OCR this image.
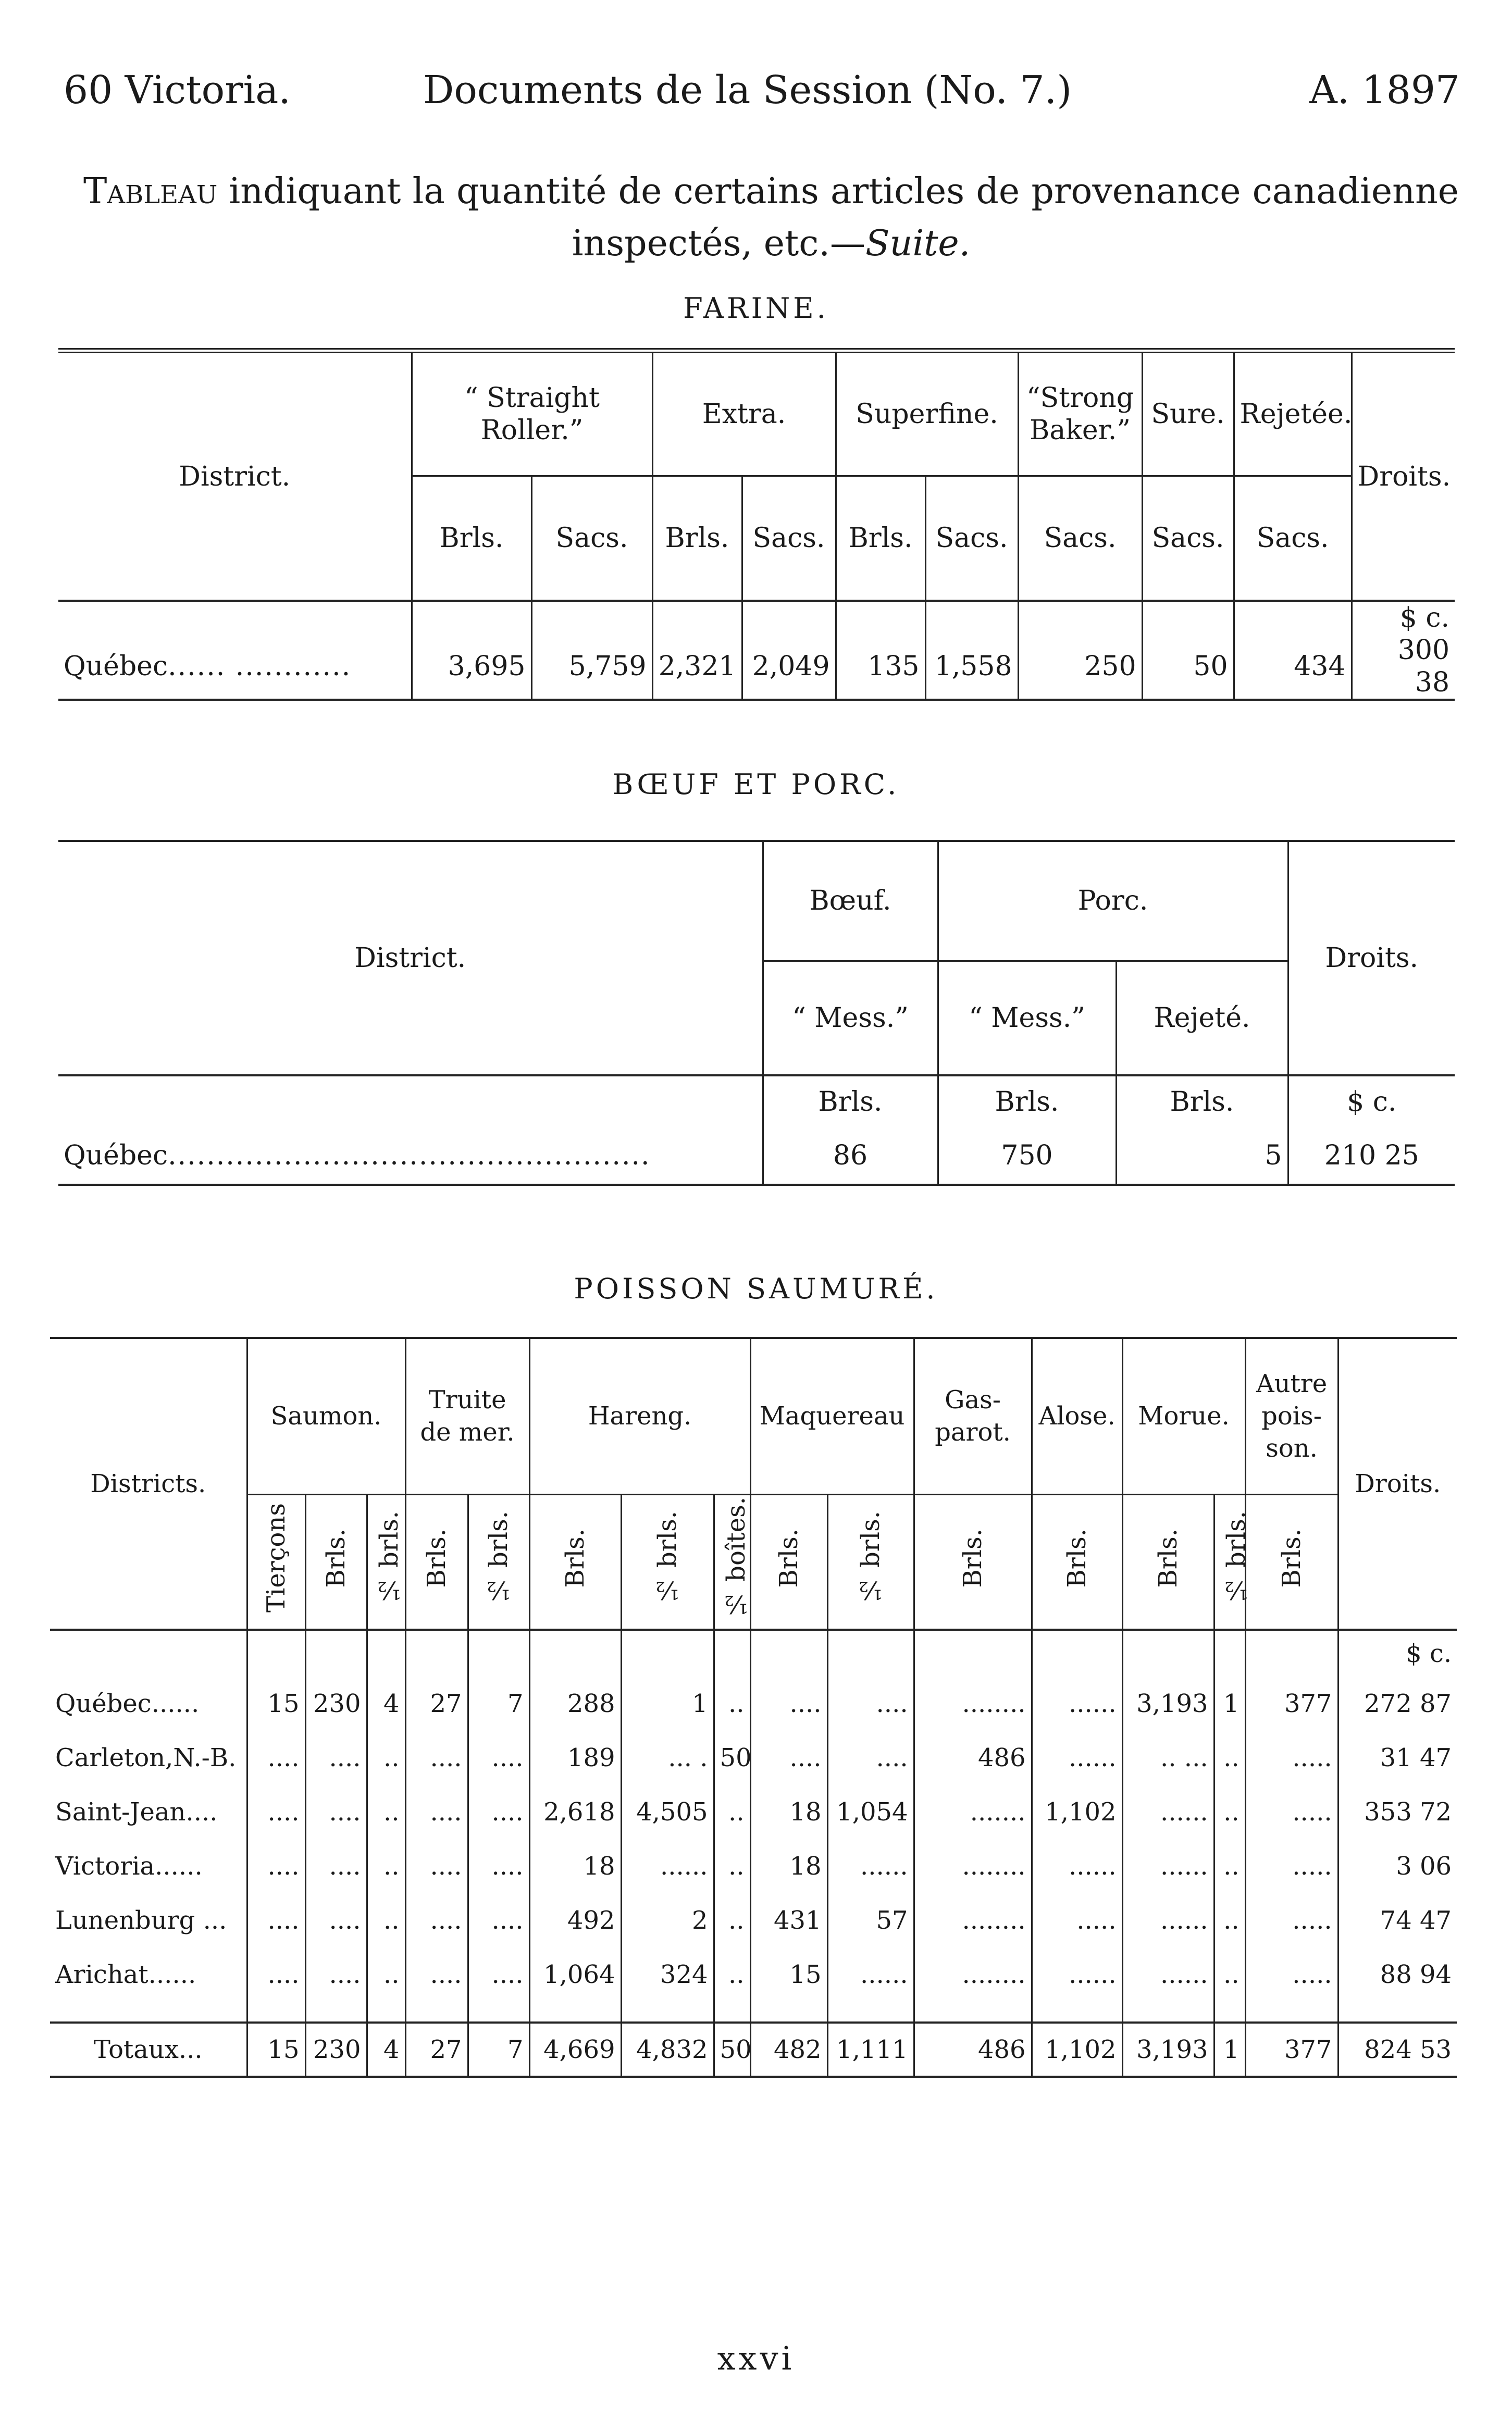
60 Victoria.	Documents de la Session (No. 7.)	A. 1897
Tableau indiquant la quantité de certains articles de provenance canadienne
inspectés, etc.—Suite.
FARINE.
District.	“ Straight Roller.”		Extra.		Superfine.		“Strong Baker.”	Sure.	Rejetée.	Droits.
	Brls.	Sacs.	Brls.	Sacs.	Brls.	Sacs.	Sacs.	Sacs.	Sacs.	
										$ c.
Québec...... ............	3,695	5,759	2,321	2,049	135	1,558	250	50	434	300 38
BŒUF ET PORC.
District.	Bœuf.	Porc.		Droits.
	“ Mess.”	“ Mess.”	Rejeté.	
	Brls.	Brls.	Brls.	$ c.
Québec..................................................	86	750	5	210 25
POISSON SAUMURÉ.
Districts.	Saumon.			Truite de mer.		Hareng.			Maquereau		Gas-parot.	Alose.	Morue.		Autre pois-son.	Droits.
	Tierçons	Brls.	½ brls.	Brls.	½ brls.	Brls.	½ brls.	½ boîtes.	Brls.	½ brls.	Brls.	Brls.	Brls.	½ brls.	Brls.	
																$ c.
Québec......	15	230	4	27	7	288	1	..	....	....	........	......	3,193	1	377	272 87
Carleton,N.-B.	....	....	..	....	....	189	... .	50	....	....	486	......	.. ...	..	.....	31 47
Saint-Jean....	....	....	..	....	....	2,618	4,505	..	18	1,054	.......	1,102	......	..	.....	353 72
Victoria......	....	....	..	....	....	18	......	..	18	......	........	......	......	..	.....	3 06
Lunenburg ...	....	....	..	....	....	492	2	..	431	57	........	.....	......	..	.....	74 47
Arichat......	....	....	..	....	....	1,064	324	..	15	......	........	......	......	..	.....	88 94

Totaux...	15	230	4	27	7	4,669	4,832	50	482	1,111	486	1,102	3,193	1	377	824 53
xxvi
